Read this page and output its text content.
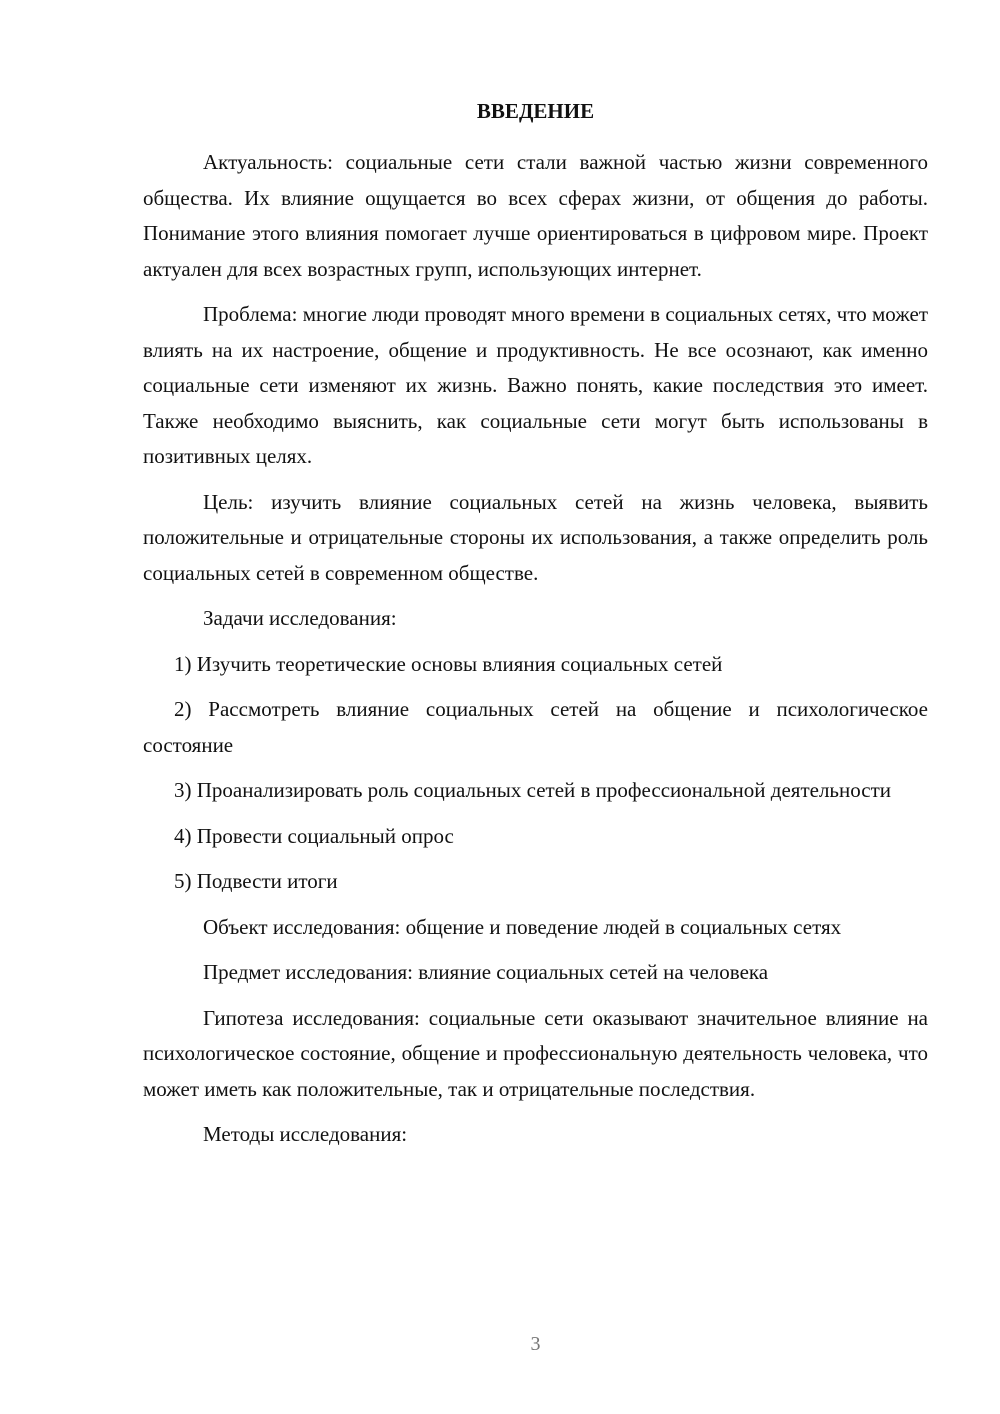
ВВЕДЕНИЕ

Актуальность: социальные сети стали важной частью жизни современного общества. Их влияние ощущается во всех сферах жизни, от общения до работы. Понимание этого влияния помогает лучше ориентироваться в цифровом мире. Проект актуален для всех возрастных групп, использующих интернет.

Проблема: многие люди проводят много времени в социальных сетях, что может влиять на их настроение, общение и продуктивность. Не все осознают, как именно социальные сети изменяют их жизнь. Важно понять, какие последствия это имеет. Также необходимо выяснить, как социальные сети могут быть использованы в позитивных целях.

Цель: изучить влияние социальных сетей на жизнь человека, выявить положительные и отрицательные стороны их использования, а также определить роль социальных сетей в современном обществе.

Задачи исследования:

1) Изучить теоретические основы влияния социальных сетей

2) Рассмотреть влияние социальных сетей на общение и психологическое состояние

3) Проанализировать роль социальных сетей в профессиональной деятельности

4) Провести социальный опрос

5) Подвести итоги

Объект исследования: общение и поведение людей в социальных сетях

Предмет исследования: влияние социальных сетей на человека

Гипотеза исследования: социальные сети оказывают значительное влияние на психологическое состояние, общение и профессиональную деятельность человека, что может иметь как положительные, так и отрицательные последствия.

Методы исследования:

3
